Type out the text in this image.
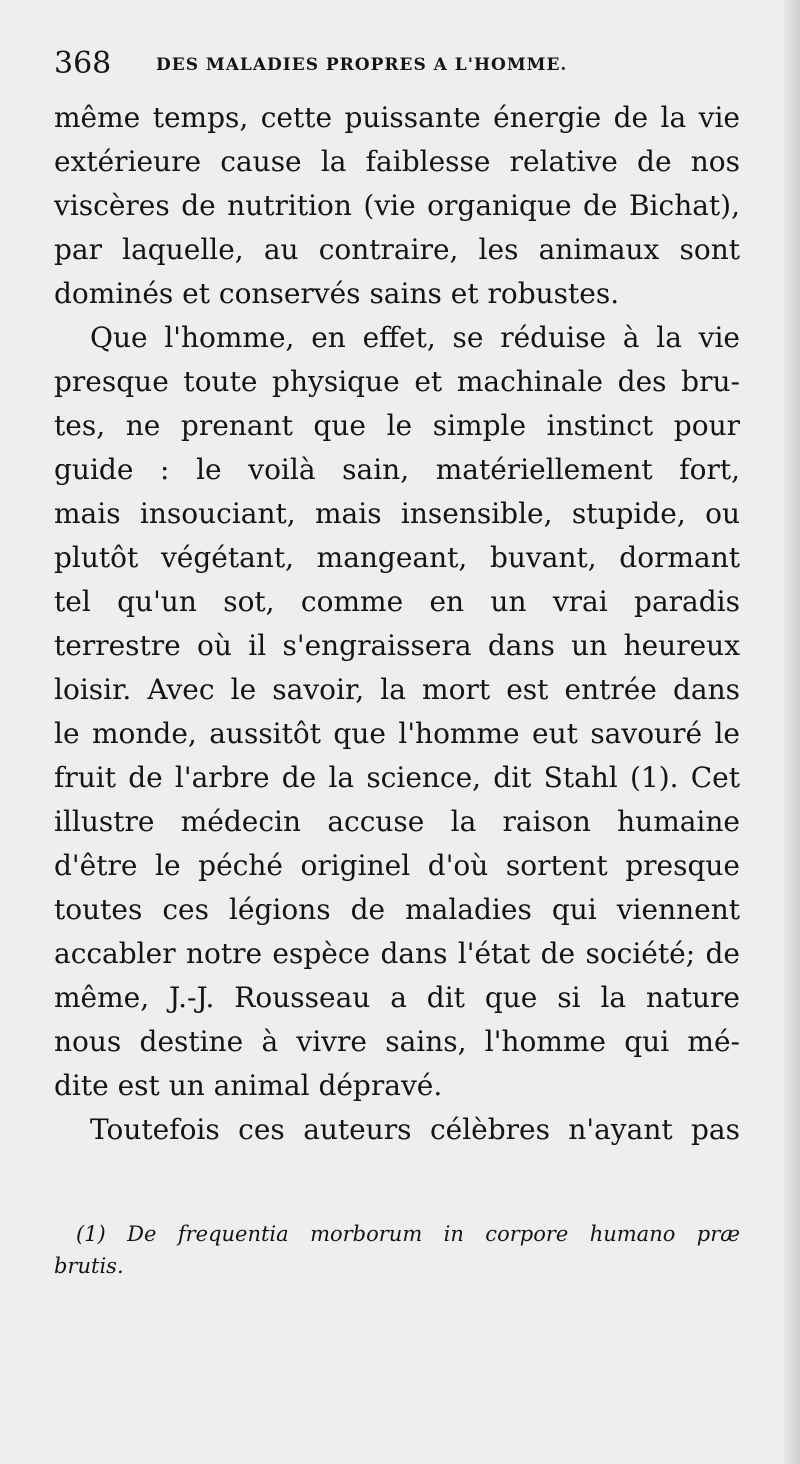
368	DES MALADIES PROPRES A L'HOMME.
même temps, cette puissante énergie de la vie
extérieure cause la faiblesse relative de nos
viscères de nutrition (vie organique de Bichat),
par laquelle, au contraire, les animaux sont
dominés et conservés sains et robustes.
Que l'homme, en effet, se réduise à la vie
presque toute physique et machinale des bru-
tes, ne prenant que le simple instinct pour
guide : le voilà sain, matériellement fort,
mais insouciant, mais insensible, stupide, ou
plutôt végétant, mangeant, buvant, dormant
tel qu'un sot, comme en un vrai paradis
terrestre où il s'engraissera dans un heureux
loisir. Avec le savoir, la mort est entrée dans
le monde, aussitôt que l'homme eut savouré le
fruit de l'arbre de la science, dit Stahl (1). Cet
illustre médecin accuse la raison humaine
d'être le péché originel d'où sortent presque
toutes ces légions de maladies qui viennent
accabler notre espèce dans l'état de société; de
même, J.-J. Rousseau a dit que si la nature
nous destine à vivre sains, l'homme qui mé-
dite est un animal dépravé.
Toutefois ces auteurs célèbres n'ayant pas
(1) De frequentia morborum in corpore humano præ
brutis.
